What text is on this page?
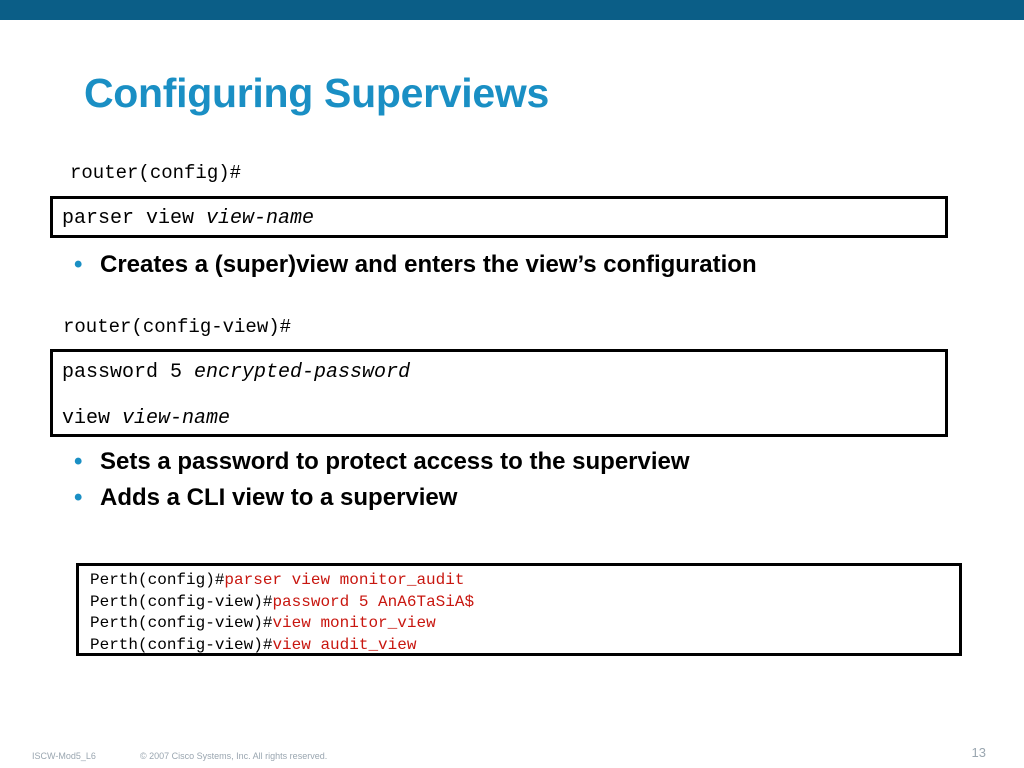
Configuring Superviews
router(config)#
parser view view-name
• Creates a (super)view and enters the view’s configuration
router(config-view)#
password 5 encrypted-password
view view-name
• Sets a password to protect access to the superview
• Adds a CLI view to a superview
Perth(config)#parser view monitor_audit
Perth(config-view)#password 5 AnA6TaSiA$
Perth(config-view)#view monitor_view
Perth(config-view)#view audit_view
ISCW-Mod5_L6	© 2007 Cisco Systems, Inc. All rights reserved.	13
